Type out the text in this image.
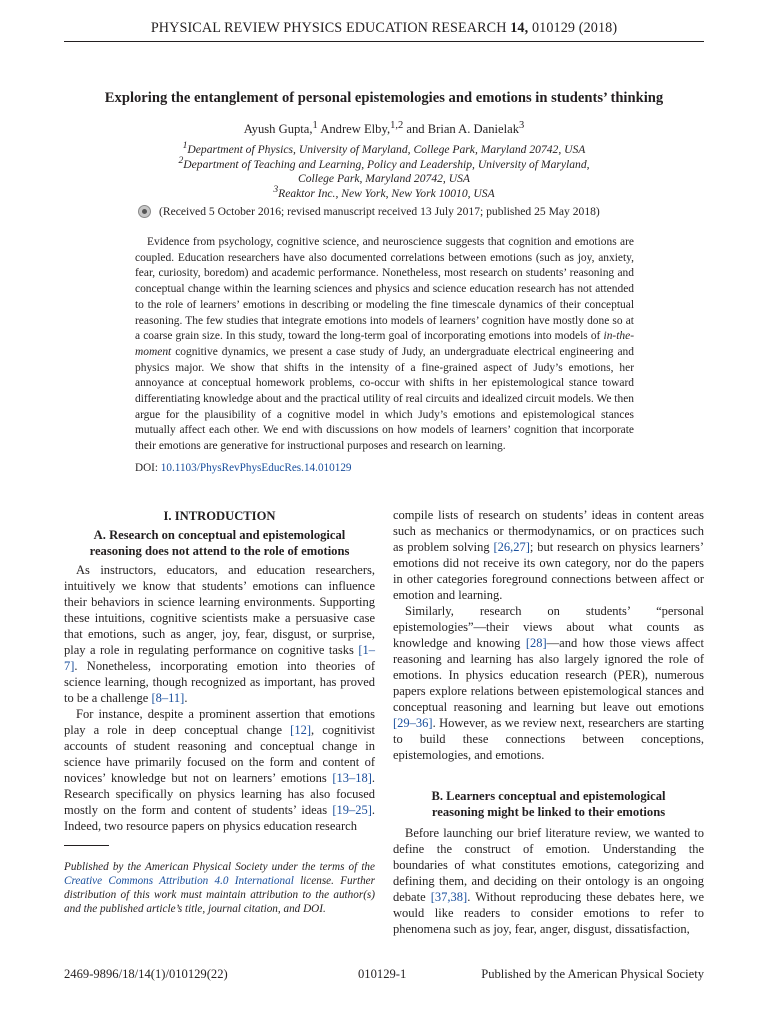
PHYSICAL REVIEW PHYSICS EDUCATION RESEARCH 14, 010129 (2018)
Exploring the entanglement of personal epistemologies and emotions in students’ thinking
Ayush Gupta,$^1$ Andrew Elby,$^{1,2}$ and Brian A. Danielak$^3$
$^1$Department of Physics, University of Maryland, College Park, Maryland 20742, USA
$^2$Department of Teaching and Learning, Policy and Leadership, University of Maryland,
College Park, Maryland 20742, USA
$^3$Reaktor Inc., New York, New York 10010, USA
(Received 5 October 2016; revised manuscript received 13 July 2017; published 25 May 2018)

Evidence from psychology, cognitive science, and neuroscience suggests that cognition and emotions are coupled. Education researchers have also documented correlations between emotions (such as joy, anxiety, fear, curiosity, boredom) and academic performance. Nonetheless, most research on students’ reasoning and conceptual change within the learning sciences and physics and science education research has not attended to the role of learners’ emotions in describing or modeling the fine timescale dynamics of their conceptual reasoning. The few studies that integrate emotions into models of learners’ cognition have mostly done so at a coarse grain size. In this study, toward the long-term goal of incorporating emotions into models of in-the-moment cognitive dynamics, we present a case study of Judy, an undergraduate electrical engineering and physics major. We show that shifts in the intensity of a fine-grained aspect of Judy’s emotions, her annoyance at conceptual homework problems, co-occur with shifts in her epistemological stance toward differentiating knowledge about and the practical utility of real circuits and idealized circuit models. We then argue for the plausibility of a cognitive model in which Judy’s emotions and epistemological stances mutually affect each other. We end with discussions on how models of learners’ cognition that incorporate their emotions are generative for instructional purposes and research on learning.

DOI: 10.1103/PhysRevPhysEducRes.14.010129
I. INTRODUCTION
A. Research on conceptual and epistemological
reasoning does not attend to the role of emotions

As instructors, educators, and education researchers, intuitively we know that students’ emotions can influence their behaviors in science learning environments. Supporting these intuitions, cognitive scientists make a persuasive case that emotions, such as anger, joy, fear, disgust, or surprise, play a role in regulating performance on cognitive tasks [1–7]. Nonetheless, incorporating emotion into theories of science learning, though recognized as important, has proved to be a challenge [8–11].

For instance, despite a prominent assertion that emotions play a role in deep conceptual change [12], cognitivist accounts of student reasoning and conceptual change in science have primarily focused on the form and content of novices’ knowledge but not on learners’ emotions [13–18]. Research specifically on physics learning has also focused mostly on the form and content of students’ ideas [19–25]. Indeed, two resource papers on physics education research

Published by the American Physical Society under the terms of the Creative Commons Attribution 4.0 International license. Further distribution of this work must maintain attribution to the author(s) and the published article’s title, journal citation, and DOI.

compile lists of research on students’ ideas in content areas such as mechanics or thermodynamics, or on practices such as problem solving [26,27]; but research on physics learners’ emotions did not receive its own category, nor do the papers in other categories foreground connections between affect or emotion and learning.

Similarly, research on students’ “personal epistemologies”—their views about what counts as knowledge and knowing [28]—and how those views affect reasoning and learning has also largely ignored the role of emotions. In physics education research (PER), numerous papers explore relations between epistemological stances and conceptual reasoning and learning but leave out emotions [29–36]. However, as we review next, researchers are starting to build these connections between conceptions, epistemologies, and emotions.

B. Learners conceptual and epistemological
reasoning might be linked to their emotions

Before launching our brief literature review, we wanted to define the construct of emotion. Understanding the boundaries of what constitutes emotions, categorizing and defining them, and deciding on their ontology is an ongoing debate [37,38]. Without reproducing these debates here, we would like readers to consider emotions to refer to phenomena such as joy, fear, anger, disgust, dissatisfaction,

2469-9896/18/14(1)/010129(22)	010129-1	Published by the American Physical Society
